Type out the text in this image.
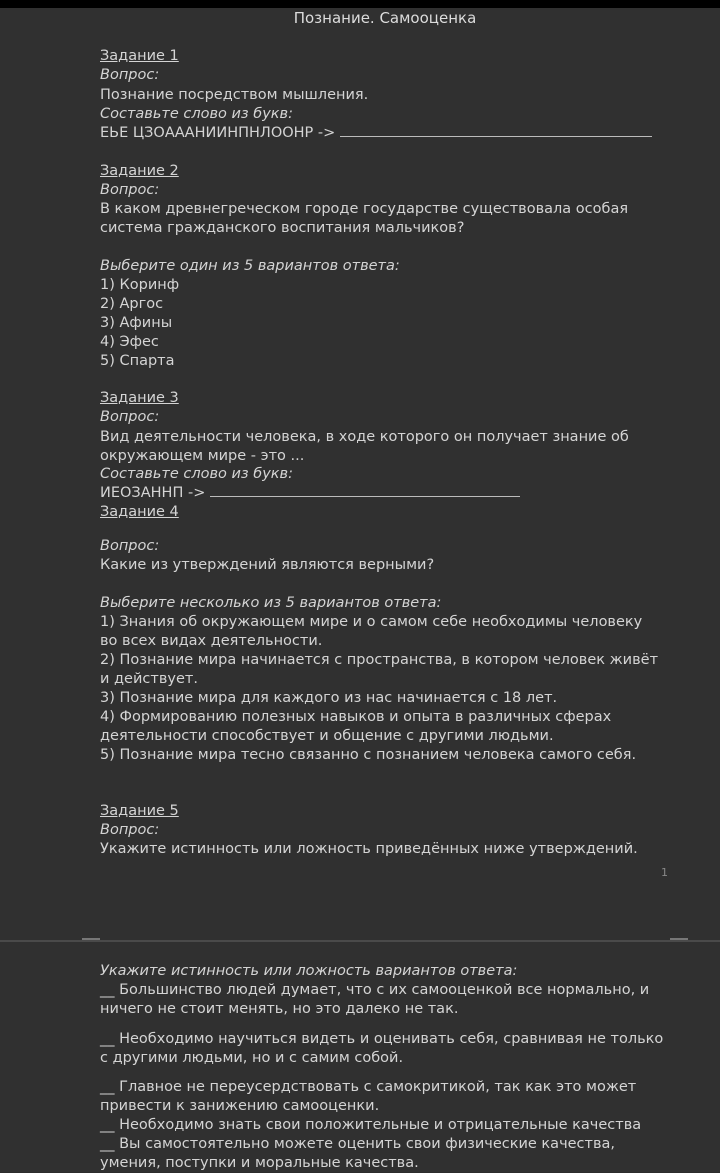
Познание. Самооценка
Задание 1
Вопрос:
Познание посредством мышления.
Составьте слово из букв:
ЕЬЕ ЦЗОАААНИИНПНЛООНР ->
Задание 2
Вопрос:
В каком древнегреческом городе государстве существовала особая
система гражданского воспитания мальчиков?
Выберите один из 5 вариантов ответа:
1) Коринф
2) Аргос
3) Афины
4) Эфес
5) Спарта
Задание 3
Вопрос:
Вид деятельности человека, в ходе которого он получает знание об
окружающем мире - это ...
Составьте слово из букв:
ИЕОЗАННП ->
Задание 4
Вопрос:
Какие из утверждений являются верными?
Выберите несколько из 5 вариантов ответа:
1) Знания об окружающем мире и о самом себе необходимы человеку
во всех видах деятельности.
2) Познание мира начинается с пространства, в котором человек живёт
и действует.
3) Познание мира для каждого из нас начинается с 18 лет.
4) Формированию полезных навыков и опыта в различных сферах
деятельности способствует и общение с другими людьми.
5) Познание мира тесно связанно с познанием человека самого себя.
Задание 5
Вопрос:
Укажите истинность или ложность приведённых ниже утверждений.
1
Укажите истинность или ложность вариантов ответа:
__ Большинство людей думает, что с их самооценкой все нормально, и
ничего не стоит менять, но это далеко не так.
__ Необходимо научиться видеть и оценивать себя, сравнивая не только
с другими людьми, но и с самим собой.
__ Главное не переусердствовать с самокритикой, так как это может
привести к занижению самооценки.
__ Необходимо знать свои положительные и отрицательные качества
__ Вы самостоятельно можете оценить свои физические качества,
умения, поступки и моральные качества.
